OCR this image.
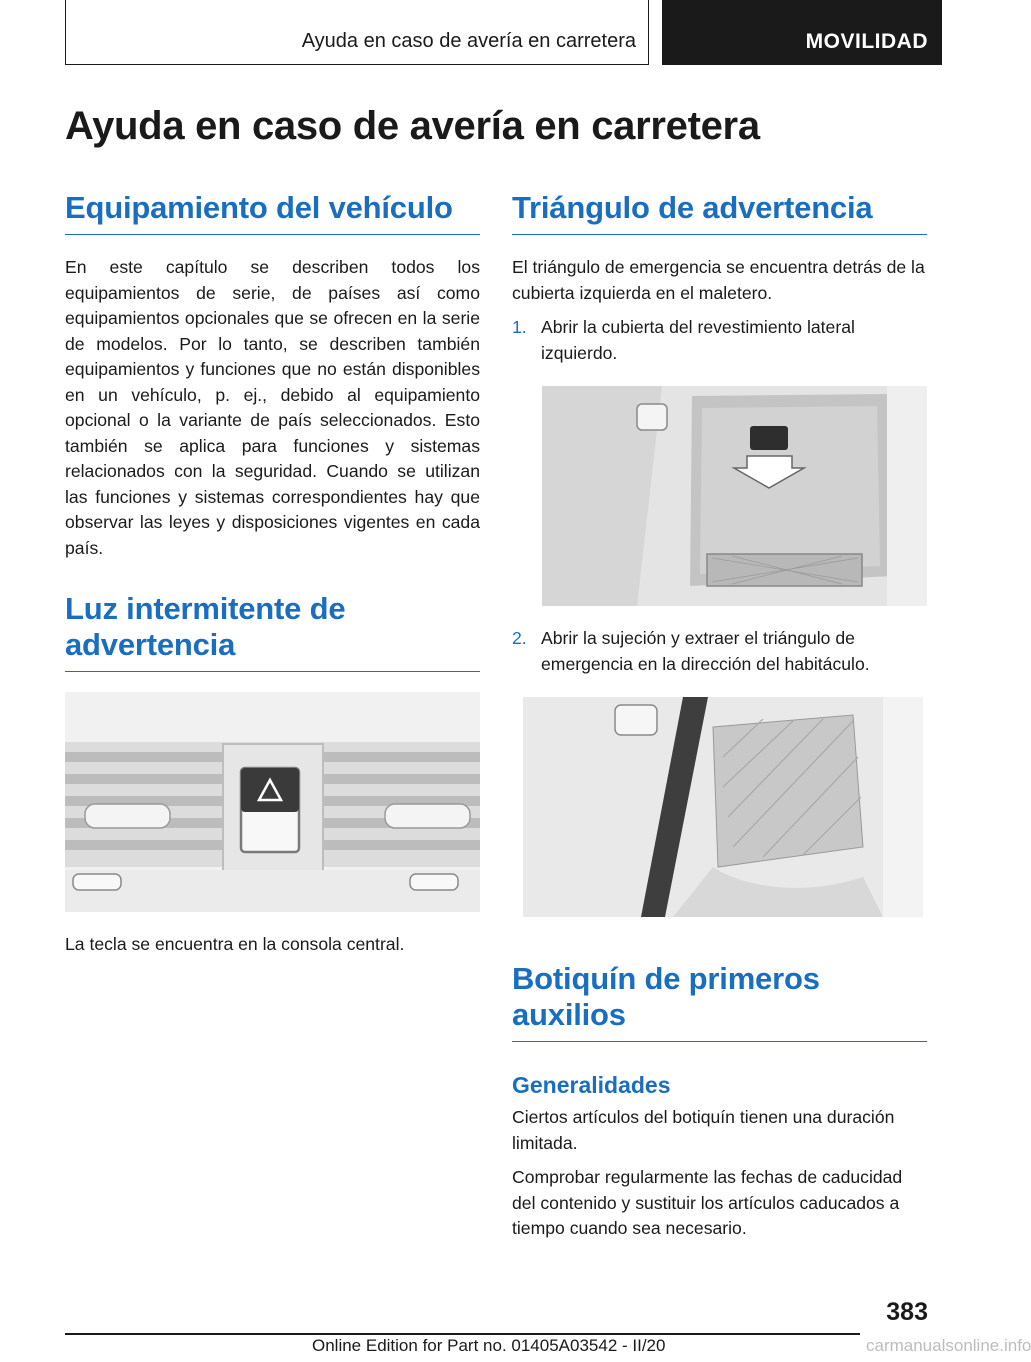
Ayuda en caso de avería en carretera	MOVILIDAD
Ayuda en caso de avería en carretera
Equipamiento del vehículo

En este capítulo se describen todos los equipamientos de serie, de países así como equipamientos opcionales que se ofrecen en la serie de modelos. Por lo tanto, se describen también equipamientos y funciones que no están disponibles en un vehículo, p. ej., debido al equipamiento opcional o la variante de país seleccionados. Esto también se aplica para funciones y sistemas relacionados con la seguridad. Cuando se utilizan las funciones y sistemas correspondientes hay que observar las leyes y disposiciones vigentes en cada país.

Luz intermitente de advertencia

La tecla se encuentra en la consola central.

Triángulo de advertencia

El triángulo de emergencia se encuentra detrás de la cubierta izquierda en el maletero.

1. Abrir la cubierta del revestimiento lateral izquierdo.
2. Abrir la sujeción y extraer el triángulo de emergencia en la dirección del habitáculo.
Botiquín de primeros auxilios
Generalidades

Ciertos artículos del botiquín tienen una duración limitada.

Comprobar regularmente las fechas de caducidad del contenido y sustituir los artículos caducados a tiempo cuando sea necesario.

383
Online Edition for Part no. 01405A03542 - II/20	carmanualsonline.info
